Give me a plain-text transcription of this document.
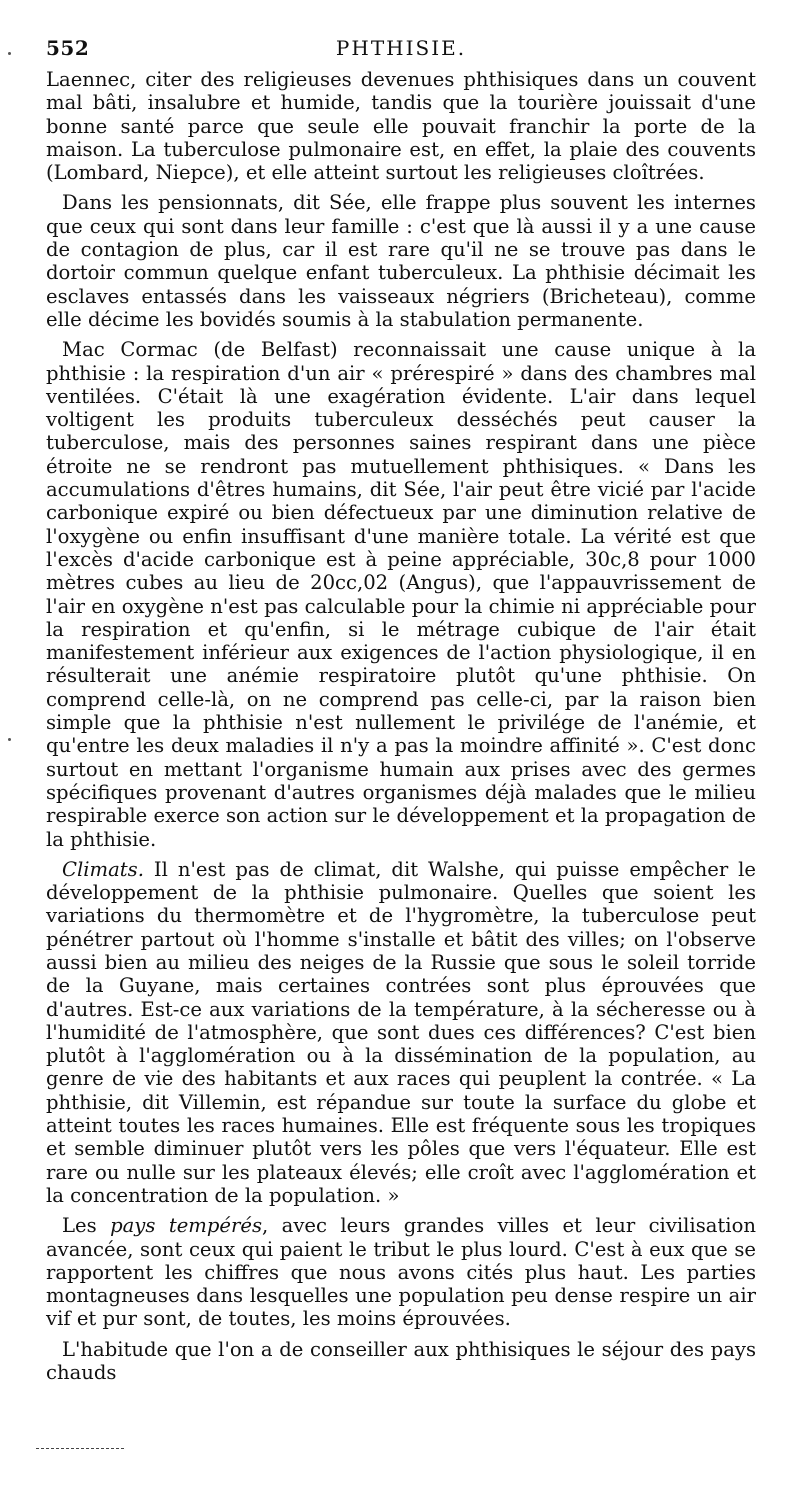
552	PHTHISIE.

Laennec, citer des religieuses devenues phthisiques dans un couvent mal bâti, insalubre et humide, tandis que la tourière jouissait d'une bonne santé parce que seule elle pouvait franchir la porte de la maison. La tuberculose pulmonaire est, en effet, la plaie des couvents (Lombard, Niepce), et elle atteint surtout les religieuses cloîtrées.

Dans les pensionnats, dit Sée, elle frappe plus souvent les internes que ceux qui sont dans leur famille : c'est que là aussi il y a une cause de contagion de plus, car il est rare qu'il ne se trouve pas dans le dortoir commun quelque enfant tuberculeux. La phthisie décimait les esclaves entassés dans les vaisseaux négriers (Bricheteau), comme elle décime les bovidés soumis à la stabulation permanente.

Mac Cormac (de Belfast) reconnaissait une cause unique à la phthisie : la respiration d'un air « prérespiré » dans des chambres mal ventilées. C'était là une exagération évidente. L'air dans lequel voltigent les produits tuberculeux desséchés peut causer la tuberculose, mais des personnes saines respirant dans une pièce étroite ne se rendront pas mutuellement phthisiques. « Dans les accumulations d'êtres humains, dit Sée, l'air peut être vicié par l'acide carbonique expiré ou bien défectueux par une diminution relative de l'oxygène ou enfin insuffisant d'une manière totale. La vérité est que l'excès d'acide carbonique est à peine appréciable, 30c,8 pour 1000 mètres cubes au lieu de 20cc,02 (Angus), que l'appauvrissement de l'air en oxygène n'est pas calculable pour la chimie ni appréciable pour la respiration et qu'enfin, si le métrage cubique de l'air était manifestement inférieur aux exigences de l'action physiologique, il en résulterait une anémie respiratoire plutôt qu'une phthisie. On comprend celle-là, on ne comprend pas celle-ci, par la raison bien simple que la phthisie n'est nullement le privilége de l'anémie, et qu'entre les deux maladies il n'y a pas la moindre affinité ». C'est donc surtout en mettant l'organisme humain aux prises avec des germes spécifiques provenant d'autres organismes déjà malades que le milieu respirable exerce son action sur le développement et la propagation de la phthisie.

Climats. Il n'est pas de climat, dit Walshe, qui puisse empêcher le développement de la phthisie pulmonaire. Quelles que soient les variations du thermomètre et de l'hygromètre, la tuberculose peut pénétrer partout où l'homme s'installe et bâtit des villes; on l'observe aussi bien au milieu des neiges de la Russie que sous le soleil torride de la Guyane, mais certaines contrées sont plus éprouvées que d'autres. Est-ce aux variations de la température, à la sécheresse ou à l'humidité de l'atmosphère, que sont dues ces différences? C'est bien plutôt à l'agglomération ou à la dissémination de la population, au genre de vie des habitants et aux races qui peuplent la contrée. « La phthisie, dit Villemin, est répandue sur toute la surface du globe et atteint toutes les races humaines. Elle est fréquente sous les tropiques et semble diminuer plutôt vers les pôles que vers l'équateur. Elle est rare ou nulle sur les plateaux élevés; elle croît avec l'agglomération et la concentration de la population. »

Les pays tempérés, avec leurs grandes villes et leur civilisation avancée, sont ceux qui paient le tribut le plus lourd. C'est à eux que se rapportent les chiffres que nous avons cités plus haut. Les parties montagneuses dans lesquelles une population peu dense respire un air vif et pur sont, de toutes, les moins éprouvées.

L'habitude que l'on a de conseiller aux phthisiques le séjour des pays chauds
